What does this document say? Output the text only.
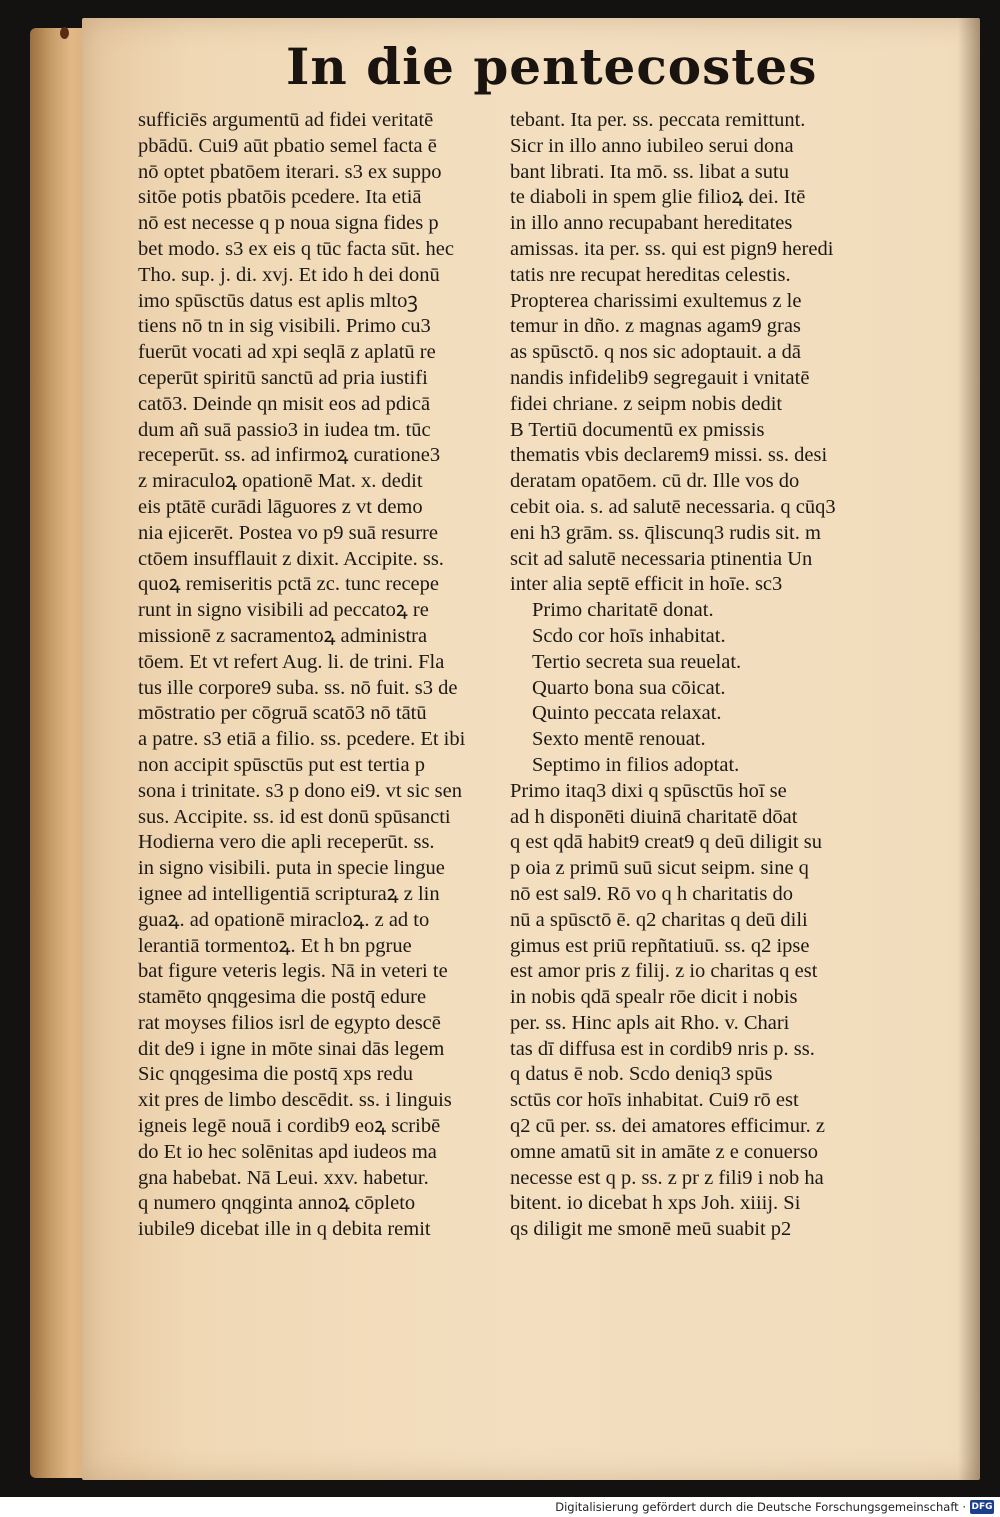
In die pentecostes
sufficiēs argumentū ad fidei veritatē
pbādū. Cui9 aūt pbatio semel facta ē
nō optet pbatōem iterari. s3 ex suppo
sitōe potis pbatōis pcedere. Ita etiā
nō est necesse q p noua signa fides p
bet modo. s3 ex eis q tūc facta sūt. hec
Tho. sup. j. di. xvj. Et ido h dei donū
imo spūsctūs datus est aplis mltoꝫ
tiens nō tn in sig visibili. Primo cu3
fuerūt vocati ad xpi seqlā z aplatū re
ceperūt spiritū sanctū ad pria iustifi
catō3. Deinde qn misit eos ad pdicā
dum añ suā passio3 in iudea tm. tūc
receperūt. ss. ad infirmoꝝ curatione3
z miraculoꝝ opationē Mat. x. dedit
eis ptātē curādi lāguores z vt demo
nia ejicerēt. Postea vo p9 suā resurre
ctōem insufflauit z dixit. Accipite. ss.
quoꝝ remiseritis pctā zc. tunc recepe
runt in signo visibili ad peccatoꝝ re
missionē z sacramentoꝝ administra
tōem. Et vt refert Aug. li. de trini. Fla
tus ille corpore9 suba. ss. nō fuit. s3 de
mōstratio per cōgruā scatō3 nō tātū
a patre. s3 etiā a filio. ss. pcedere. Et ibi
non accipit spūsctūs put est tertia p
sona i trinitate. s3 p dono ei9. vt sic sen
sus. Accipite. ss. id est donū spūsancti
Hodierna vero die apli receperūt. ss.
in signo visibili. puta in specie lingue
ignee ad intelligentiā scripturaꝝ z lin
guaꝝ. ad opationē miracloꝝ. z ad to
lerantiā tormentoꝝ. Et h bn pgrue
bat figure veteris legis. Nā in veteri te
stamēto qnqgesima die postq̄ edure
rat moyses filios isrl de egypto descē
dit de9 i igne in mōte sinai dās legem
Sic qnqgesima die postq̄ xps redu
xit pres de limbo descēdit. ss. i linguis
igneis legē nouā i cordib9 eoꝝ scribē
do Et io hec solēnitas apd iudeos ma
gna habebat. Nā Leui. xxv. habetur.
q numero qnqginta annoꝝ cōpleto
iubile9 dicebat ille in q debita remit
tebant. Ita per. ss. peccata remittunt.
Sicr in illo anno iubileo serui dona
bant librati. Ita mō. ss. libat a sutu
te diaboli in spem glie filioꝝ dei. Itē
in illo anno recupabant hereditates
amissas. ita per. ss. qui est pign9 heredi
tatis nre recupat hereditas celestis.
Propterea charissimi exultemus z le
temur in dño. z magnas agam9 gras
as spūsctō. q nos sic adoptauit. a dā
nandis infidelib9 segregauit i vnitatē
fidei chriane. z seipm nobis dedit
B Tertiū documentū ex pmissis
thematis vbis declarem9 missi. ss. desi
deratam opatōem. cū dr. Ille vos do
cebit oia. s. ad salutē necessaria. q cūq3
eni h3 grām. ss. q̄liscunq3 rudis sit. m
scit ad salutē necessaria ptinentia Un
inter alia septē efficit in hoīe. sc3
Primo charitatē donat.
Scdo cor hoīs inhabitat.
Tertio secreta sua reuelat.
Quarto bona sua cōicat.
Quinto peccata relaxat.
Sexto mentē renouat.
Septimo in filios adoptat.
Primo itaq3 dixi q spūsctūs hoī se
ad h disponēti diuinā charitatē dōat
q est qdā habit9 creat9 q deū diligit su
p oia z primū suū sicut seipm. sine q
nō est sal9. Rō vo q h charitatis do
nū a spūsctō ē. q2 charitas q deū dili
gimus est priū repñtatiuū. ss. q2 ipse
est amor pris z filij. z io charitas q est
in nobis qdā spealr rōe dicit i nobis
per. ss. Hinc apls ait Rho. v. Chari
tas dī diffusa est in cordib9 nris p. ss.
q datus ē nob. Scdo deniq3 spūs
sctūs cor hoīs inhabitat. Cui9 rō est
q2 cū per. ss. dei amatores efficimur. z
omne amatū sit in amāte z e conuerso
necesse est q p. ss. z pr z fili9 i nob ha
bitent. io dicebat h xps Joh. xiiij. Si
qs diligit me smonē meū suabit p2
Digitalisierung gefördert durch die Deutsche Forschungsgemeinschaft · DFG
